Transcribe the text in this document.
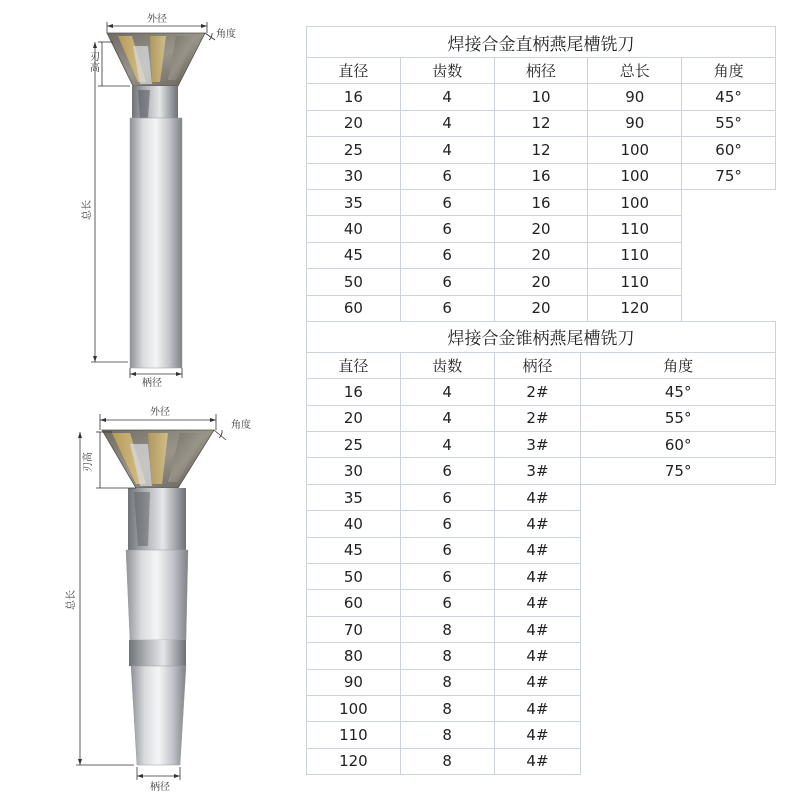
外径
角度
刃高
总长
柄径
外径
角度
刃高
总长
柄径
焊接合金直柄燕尾槽铣刀				
直径	齿数	柄径	总长	角度
16	4	10	90	45°
20	4	12	90	55°
25	4	12	100	60°
30	6	16	100	75°
35	6	16	100	
40	6	20	110	
45	6	20	110	
50	6	20	110	
60	6	20	120	
焊接合金锥柄燕尾槽铣刀			
直径	齿数	柄径	角度
16	4	2#	45°
20	4	2#	55°
25	4	3#	60°
30	6	3#	75°
35	6	4#	
40	6	4#	
45	6	4#	
50	6	4#	
60	6	4#	
70	8	4#	
80	8	4#	
90	8	4#	
100	8	4#	
110	8	4#	
120	8	4#	
